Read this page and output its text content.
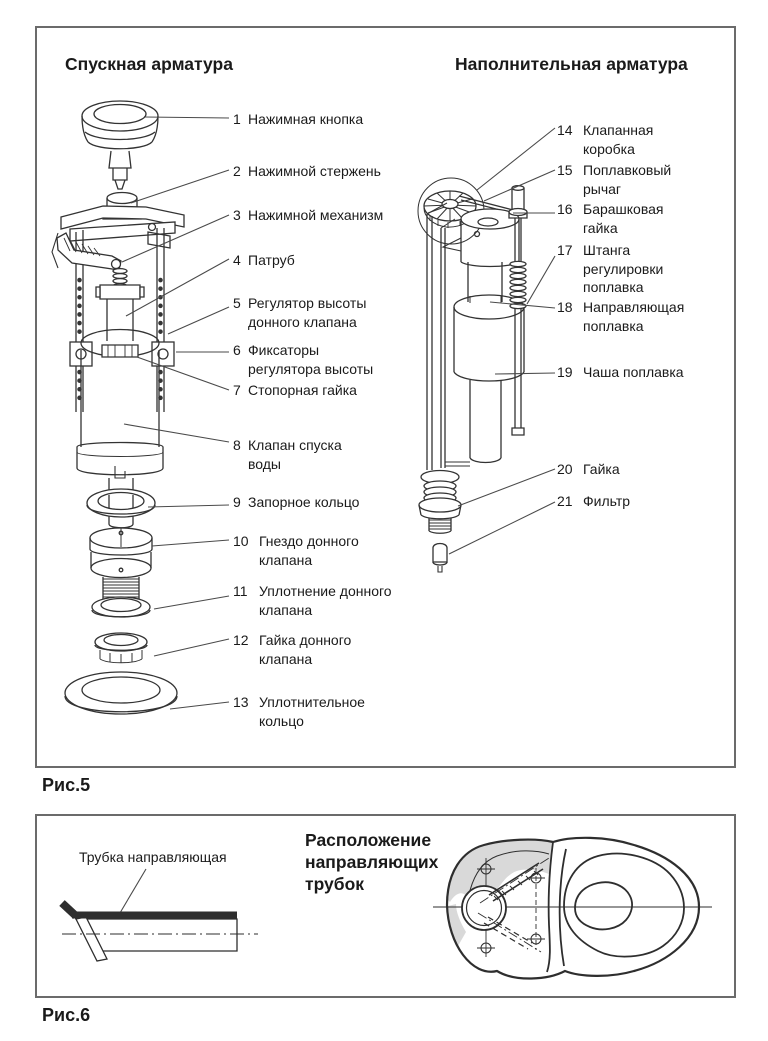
Спускная арматура	Наполнительная арматура
1 Нажимная кнопка
2 Нажимной стержень
3 Нажимной механизм
4 Патруб
5 Регулятор высоты
донного клапана
6 Фиксаторы
регулятора высоты
7 Стопорная гайка
8 Клапан спуска
воды
9 Запорное кольцо
10 Гнездо донного
клапана
11 Уплотнение донного
клапана
12 Гайка донного
клапана
13 Уплотнительное
кольцо
14 Клапанная
коробка
15 Поплавковый
рычаг
16 Барашковая
гайка
17 Штанга
регулировки
поплавка
18 Направляющая
поплавка
19 Чаша поплавка
20 Гайка
21 Фильтр
Рис.5
Рис.6
Расположение
направляющих
трубок
Трубка направляющая
